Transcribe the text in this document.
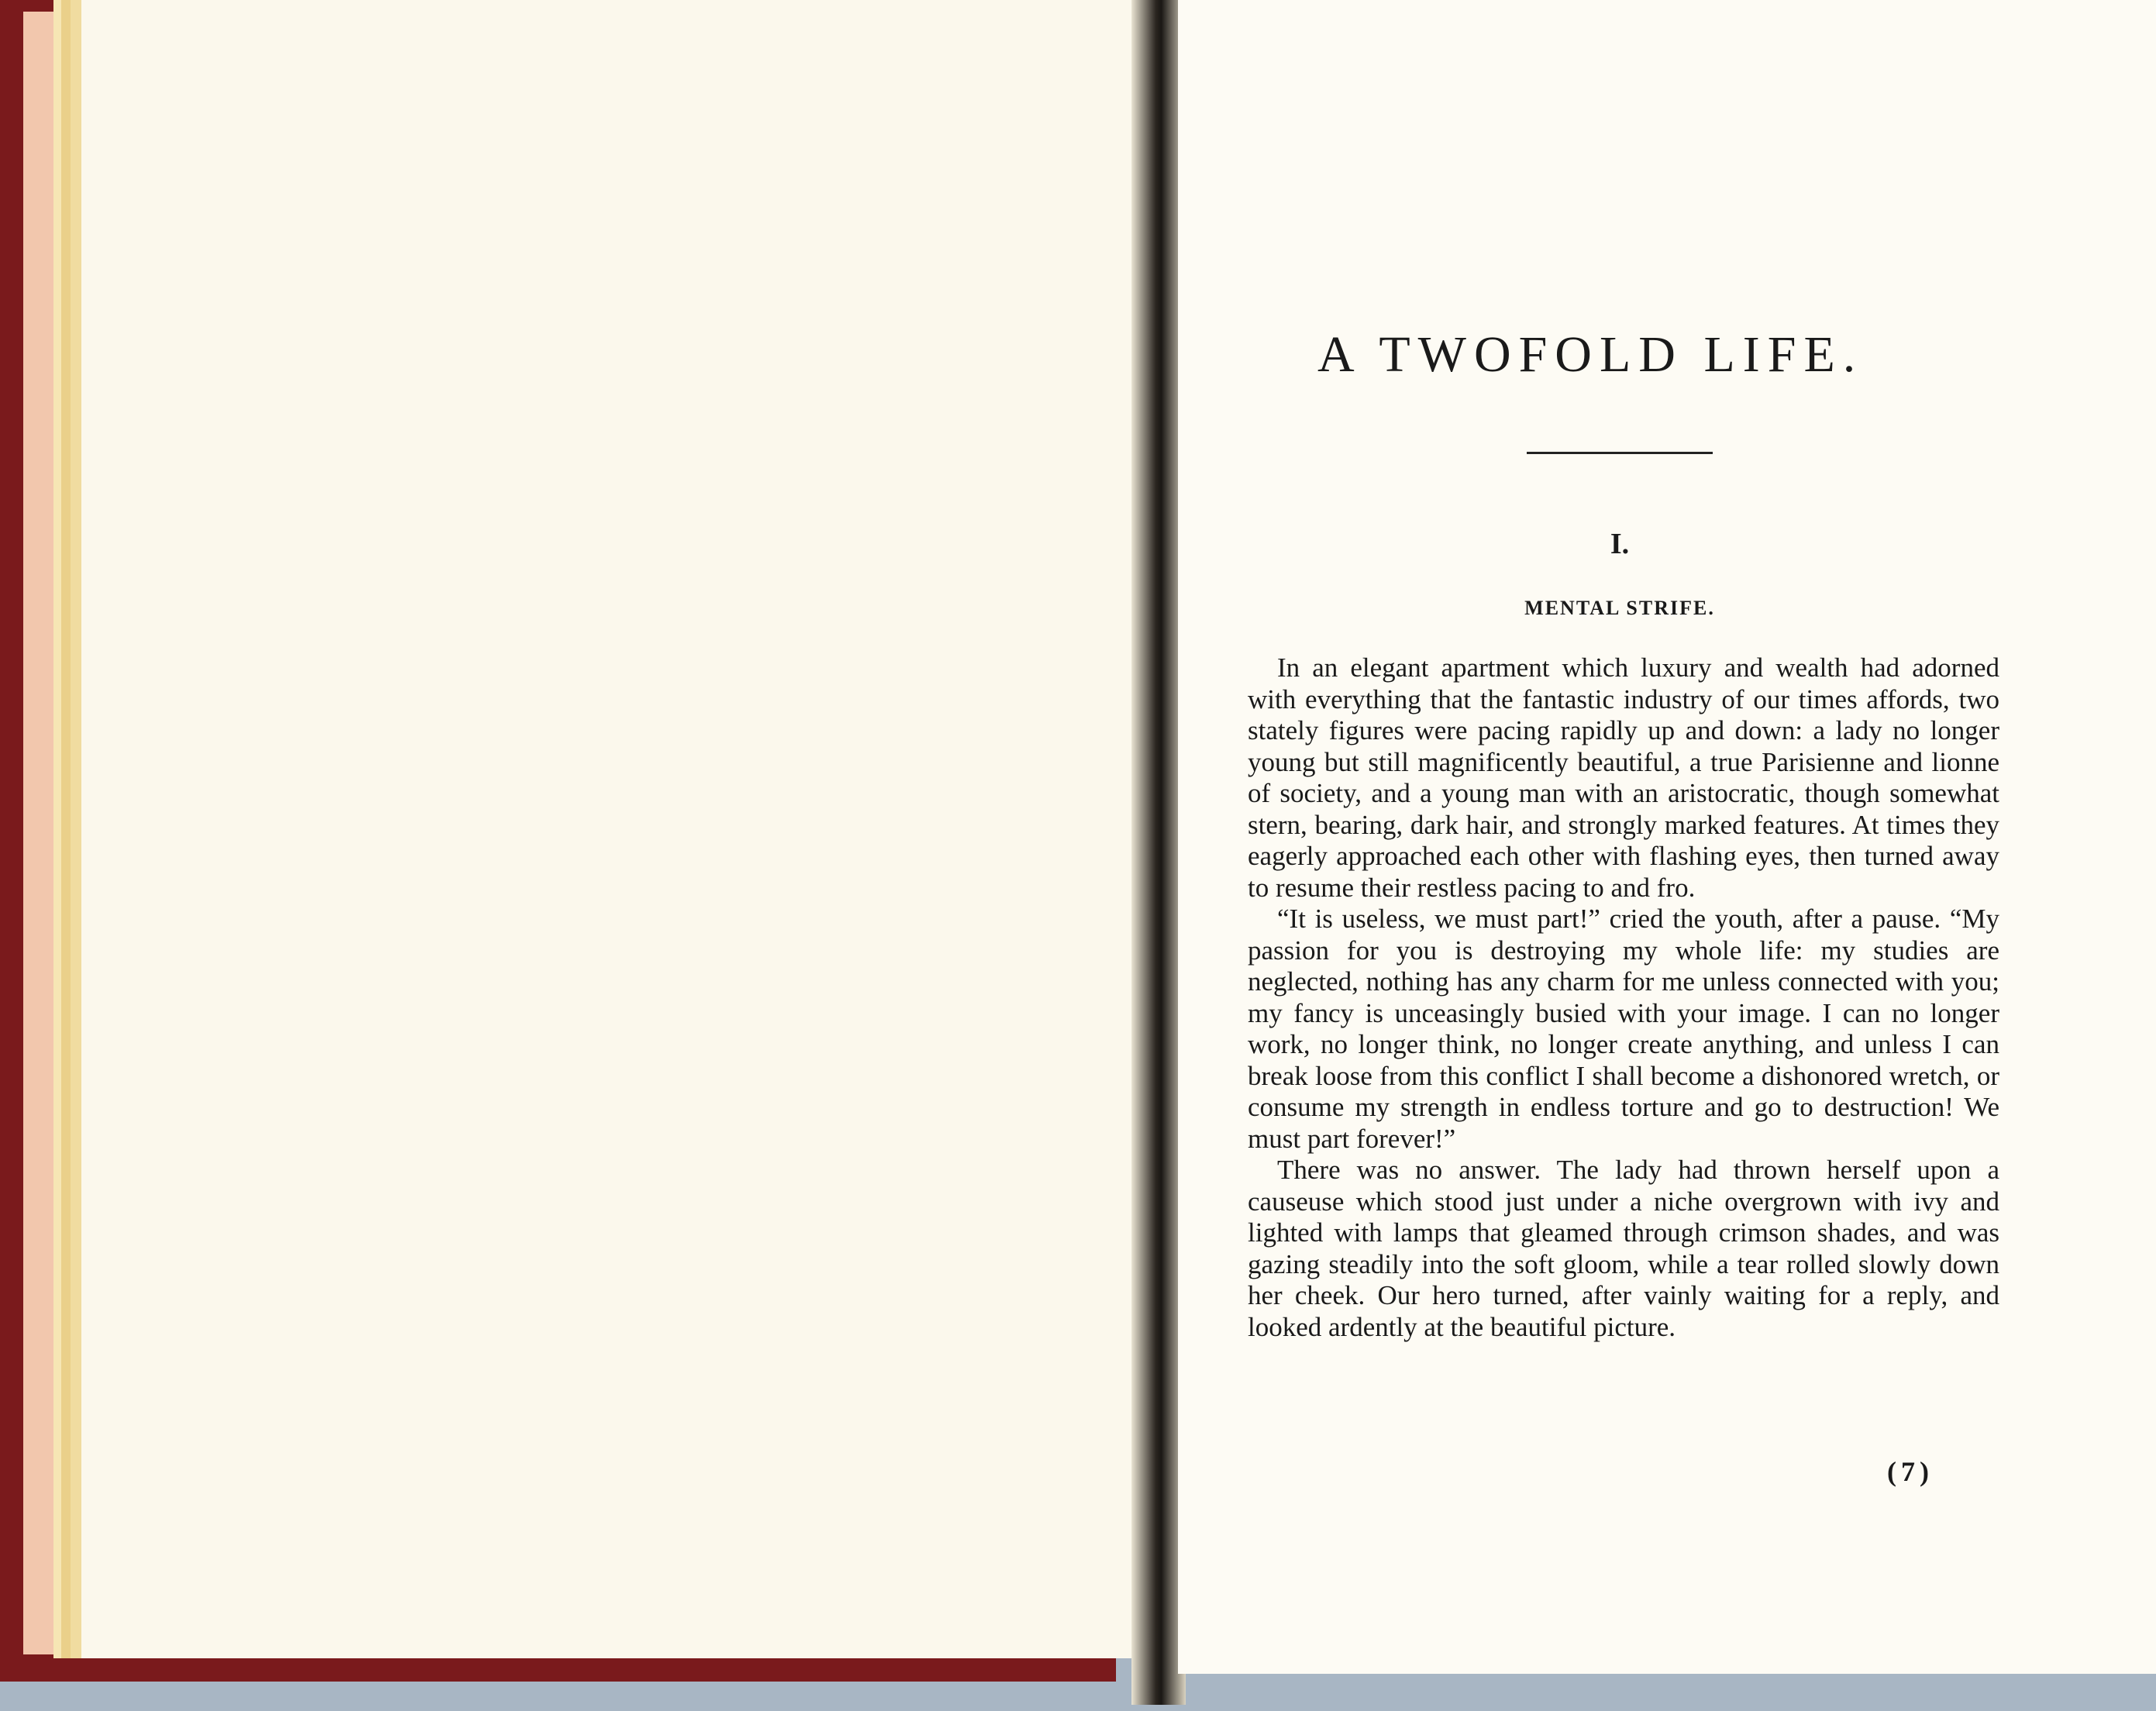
A TWOFOLD LIFE.
I.
MENTAL STRIFE.

In an elegant apartment which luxury and wealth had adorned with everything that the fantastic industry of our times affords, two stately figures were pacing rapidly up and down: a lady no longer young but still magnificently beautiful, a true Parisienne and lionne of society, and a young man with an aristocratic, though somewhat stern, bearing, dark hair, and strongly marked features. At times they eagerly approached each other with flashing eyes, then turned away to resume their restless pacing to and fro.

“It is useless, we must part!” cried the youth, after a pause. “My passion for you is destroying my whole life: my studies are neglected, nothing has any charm for me unless connected with you; my fancy is unceasingly busied with your image. I can no longer work, no longer think, no longer create anything, and unless I can break loose from this conflict I shall become a dishonored wretch, or consume my strength in endless torture and go to destruction! We must part forever!”

There was no answer. The lady had thrown herself upon a causeuse which stood just under a niche overgrown with ivy and lighted with lamps that gleamed through crimson shades, and was gazing steadily into the soft gloom, while a tear rolled slowly down her cheek. Our hero turned, after vainly waiting for a reply, and looked ardently at the beautiful picture.

(7)
